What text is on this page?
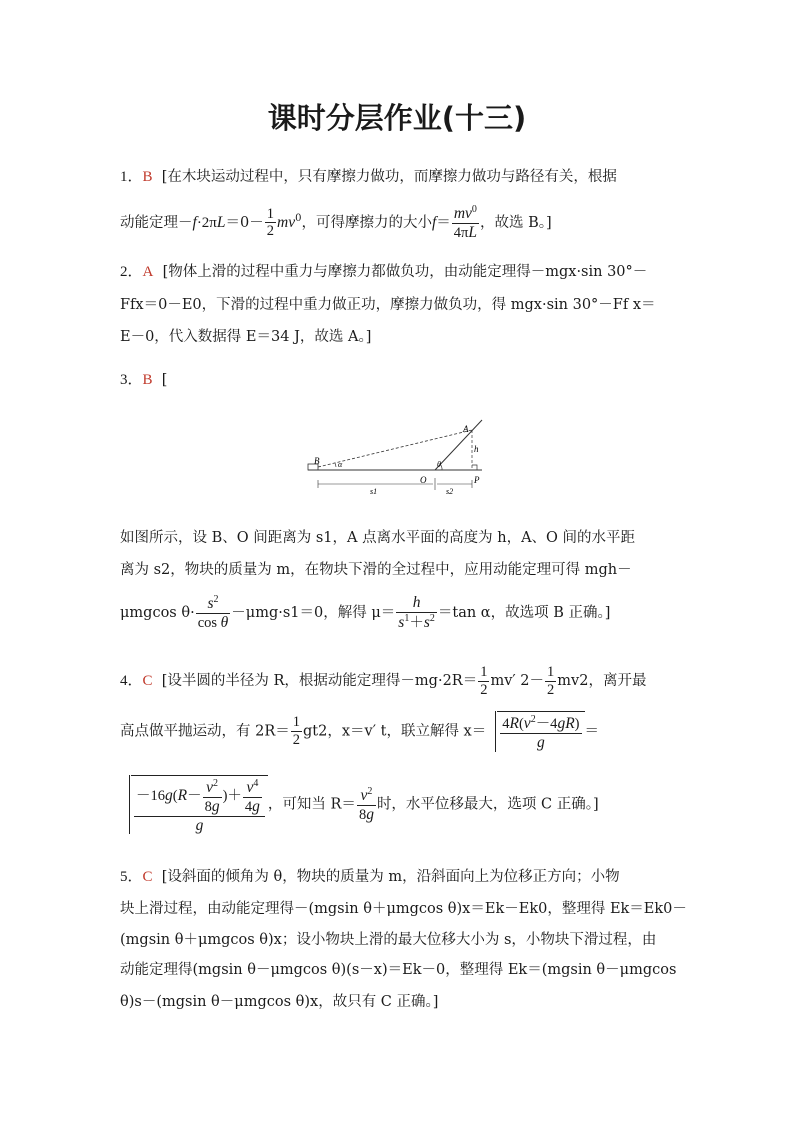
课时分层作业(十三)
1．B [在木块运动过程中，只有摩擦力做功，而摩擦力做功与路径有关，根据
动能定理$-f\cdot 2\pi L=0- \frac{1}{2} mv^0$，可得摩擦力的大小$f= \frac{mv^0}{4\pi L}$ ，故选 B。]
2．A [物体上滑的过程中重力与摩擦力都做负功，由动能定理得－mgx·sin 30°－
Ffx＝0－E0，下滑的过程中重力做正功，摩擦力做负功，得 mgx·sin 30°－Ff x＝
E－0，代入数据得 E＝34 J，故选 A。]
3．B [
B
A
O	P
h
θ
α
s1	s2
如图所示，设 B、O 间距离为 s1，A 点离水平面的高度为 h，A、O 间的水平距
离为 s2，物块的质量为 m，在物块下滑的全过程中，应用动能定理可得 mgh－
μmgcos $\theta\cdot \frac{s^2}{\text{cos θ}} -\mu mg\cdot s1=0$，解得 $\mu= \frac{h}{s^1+s^2} =\tan$ α，故选项 B 正确。]
4．C [设半圆的半径为 R，根据动能定理得$-mg\cdot 2R= \frac{1}{2} mv'$ $2- \frac{1}{2} mv2$，离开最
高点做平抛运动，有 $2R= \frac{1}{2} gt2$，x＝v′ t，联立解得 $x= \frac{4R(v^2-4gR)}{g}$ ＝
$\frac{-16g(R- \frac{v^2}{8g} )+ \frac{v^4}{4g}}{g}$ ，可知当 $R= \frac{v^2}{8g}$ 时，水平位移最大，选项 C 正确。]
5．C [设斜面的倾角为 θ，物块的质量为 m，沿斜面向上为位移正方向；小物
块上滑过程，由动能定理得－(mgsin θ＋μmgcos θ)x＝Ek－Ek0，整理得 Ek＝Ek0－
(mgsin θ＋μmgcos θ)x；设小物块上滑的最大位移大小为 s，小物块下滑过程，由
动能定理得(mgsin θ－μmgcos θ)(s－x)＝Ek－0，整理得 Ek＝(mgsin θ－μmgcos
θ)s－(mgsin θ－μmgcos θ)x，故只有 C 正确。]
